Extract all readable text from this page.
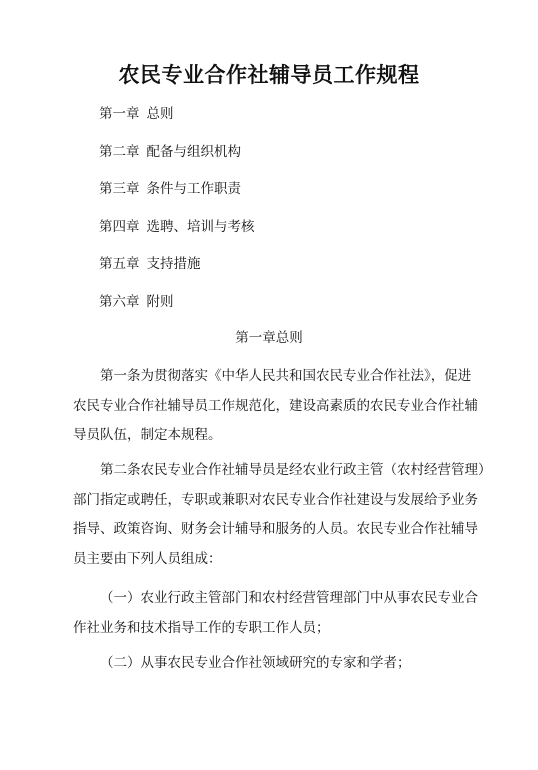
农民专业合作社辅导员工作规程
第一章 总则
第二章 配备与组织机构
第三章 条件与工作职责
第四章 选聘、培训与考核
第五章 支持措施
第六章 附则
第一章总则

第一条为贯彻落实《中华人民共和国农民专业合作社法》，促进
农民专业合作社辅导员工作规范化，建设高素质的农民专业合作社辅
导员队伍，制定本规程。

第二条农民专业合作社辅导员是经农业行政主管（农村经营管理）
部门指定或聘任，专职或兼职对农民专业合作社建设与发展给予业务
指导、政策咨询、财务会计辅导和服务的人员。农民专业合作社辅导
员主要由下列人员组成：

（一）农业行政主管部门和农村经营管理部门中从事农民专业合
作社业务和技术指导工作的专职工作人员；

（二）从事农民专业合作社领域研究的专家和学者；
